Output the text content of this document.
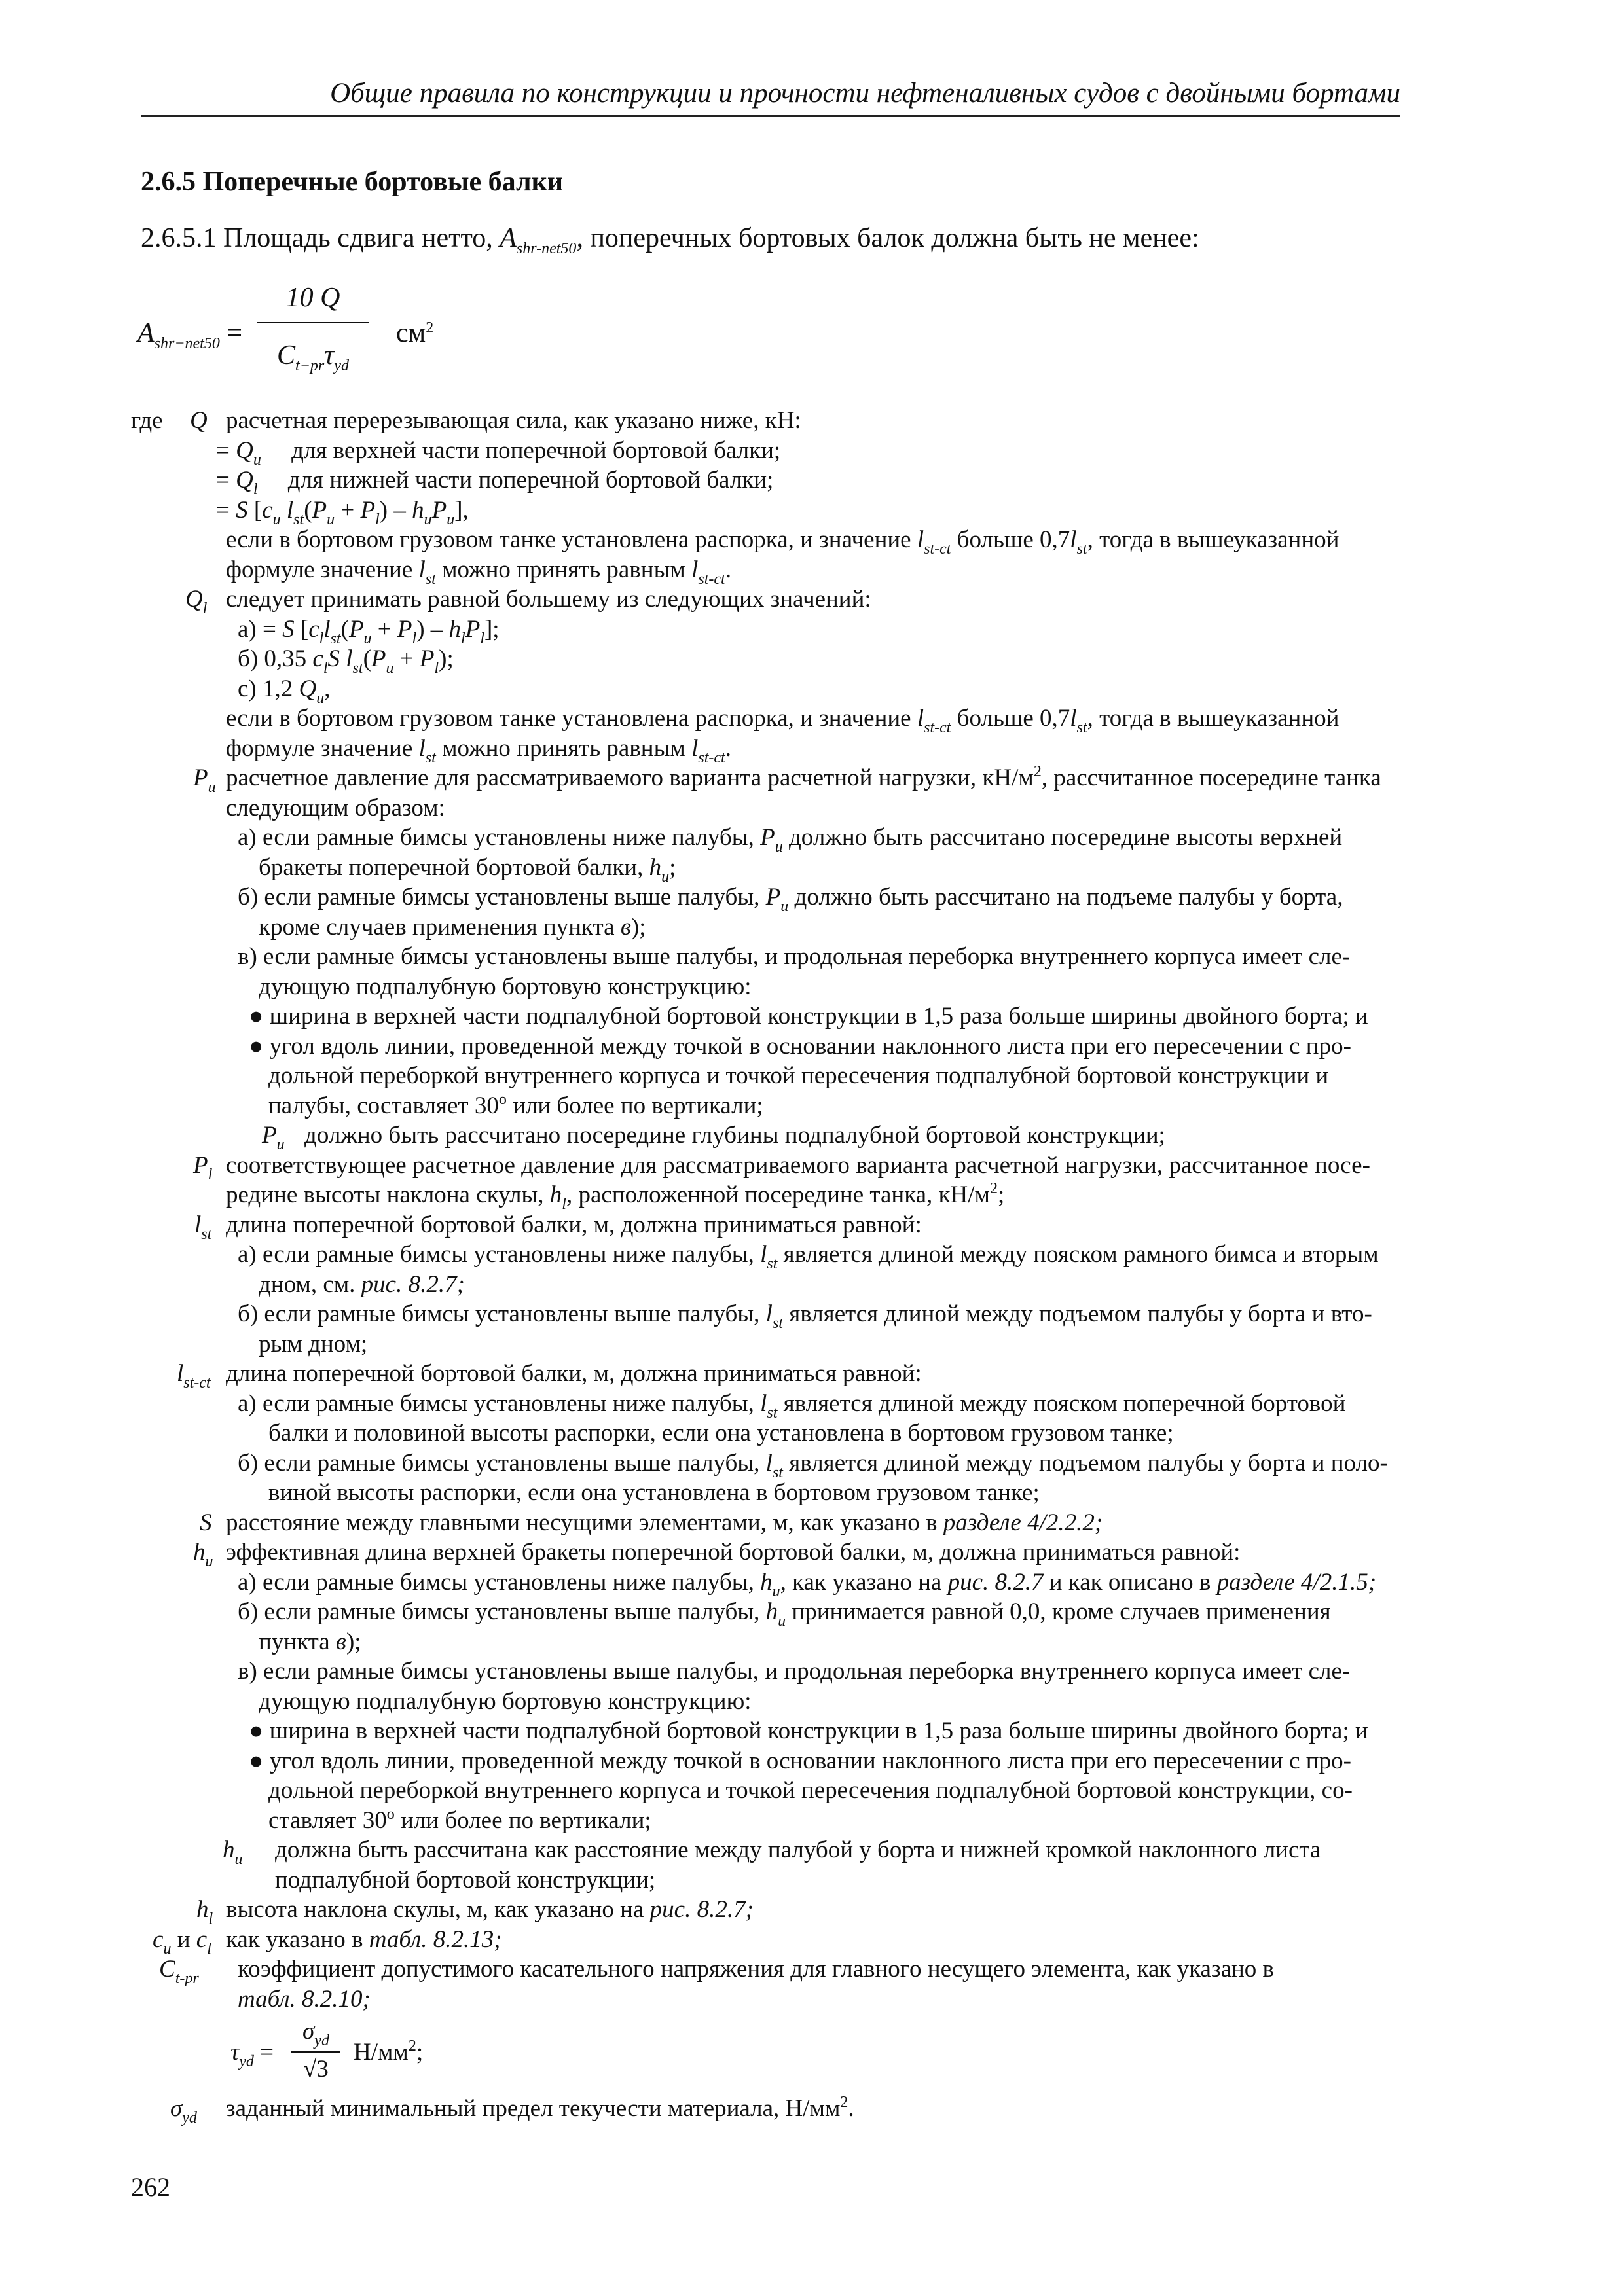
Общие правила по конструкции и прочности нефтеналивных судов с двойными бортами
2.6.5 Поперечные бортовые балки
2.6.5.1 Площадь сдвига нетто, $A_{shr-net50}$, поперечных бортовых балок должна быть не менее:
$A_{shr-net50}$ =
10 Q
$C_{t-pr}\tau_{yd}$
$см^2$
где Q расчетная перерезывающая сила, как указано ниже, кН:
= $Q_u$ для верхней части поперечной бортовой балки;
= $Q_l$ для нижней части поперечной бортовой балки;
= S [$c_u$ $l_{st}(P_u + P_l) - h_uP_u$],
если в бортовом грузовом танке установлена распорка, и значение $l_{st-ct}$ больше $0,7l_{st}$, тогда в вышеуказанной
формуле значение $l_{st}$ можно принять равным $l_{st-ct}$.
$Q_l$ следует принимать равной большему из следующих значений:
а) = S $[c_ll_{st}(P_u + P_l) - h_lP_l]$;
б) 0,35 $c_lS$ $l_{st}(P_u + P_l)$;
с) 1,2 $Q_u$,
если в бортовом грузовом танке установлена распорка, и значение $l_{st-ct}$ больше $0,7l_{st}$, тогда в вышеуказанной
формуле значение $l_{st}$ можно принять равным $l_{st-ct}$.
$P_u$ расчетное давление для рассматриваемого варианта расчетной нагрузки, $кН/м^2$, рассчитанное посередине танка
следующим образом:
а) если рамные бимсы установлены ниже палубы, $P_u$ должно быть рассчитано посередине высоты верхней
бракеты поперечной бортовой балки, $h_u$;
б) если рамные бимсы установлены выше палубы, $P_u$ должно быть рассчитано на подъеме палубы у борта,
кроме случаев применения пункта в);
в) если рамные бимсы установлены выше палубы, и продольная переборка внутреннего корпуса имеет сле-
дующую подпалубную бортовую конструкцию:
● ширина в верхней части подпалубной бортовой конструкции в 1,5 раза больше ширины двойного борта; и
● угол вдоль линии, проведенной между точкой в основании наклонного листа при его пересечении с про-
дольной переборкой внутреннего корпуса и точкой пересечения подпалубной бортовой конструкции и
палубы, составляет 30$^o$ или более по вертикали;
$P_u$ должно быть рассчитано посередине глубины подпалубной бортовой конструкции;
$P_l$ соответствующее расчетное давление для рассматриваемого варианта расчетной нагрузки, рассчитанное посе-
редине высоты наклона скулы, $h_l$, расположенной посередине танка, $кН/м^2$;
$l_{st}$ длина поперечной бортовой балки, м, должна приниматься равной:
а) если рамные бимсы установлены ниже палубы, $l_{st}$ является длиной между пояском рамного бимса и вторым
дном, см. рис. 8.2.7;
б) если рамные бимсы установлены выше палубы, $l_{st}$ является длиной между подъемом палубы у борта и вто-
рым дном;
$l_{st-ct}$ длина поперечной бортовой балки, м, должна приниматься равной:
а) если рамные бимсы установлены ниже палубы, $l_{st}$ является длиной между пояском поперечной бортовой
балки и половиной высоты распорки, если она установлена в бортовом грузовом танке;
б) если рамные бимсы установлены выше палубы, $l_{st}$ является длиной между подъемом палубы у борта и поло-
виной высоты распорки, если она установлена в бортовом грузовом танке;
S расстояние между главными несущими элементами, м, как указано в разделе 4/2.2.2;
$h_u$ эффективная длина верхней бракеты поперечной бортовой балки, м, должна приниматься равной:
а) если рамные бимсы установлены ниже палубы, $h_u$, как указано на рис. 8.2.7 и как описано в разделе 4/2.1.5;
б) если рамные бимсы установлены выше палубы, $h_u$ принимается равной 0,0, кроме случаев применения
пункта в);
в) если рамные бимсы установлены выше палубы, и продольная переборка внутреннего корпуса имеет сле-
дующую подпалубную бортовую конструкцию:
● ширина в верхней части подпалубной бортовой конструкции в 1,5 раза больше ширины двойного борта; и
● угол вдоль линии, проведенной между точкой в основании наклонного листа при его пересечении с про-
дольной переборкой внутреннего корпуса и точкой пересечения подпалубной бортовой конструкции, со-
ставляет 30$^o$ или более по вертикали;
$h_u$ должна быть рассчитана как расстояние между палубой у борта и нижней кромкой наклонного листа
подпалубной бортовой конструкции;
$h_l$ высота наклона скулы, м, как указано на рис. 8.2.7;
$c_u$ и $c_l$ как указано в табл. 8.2.13;
$C_{t-pr}$ коэффициент допустимого касательного напряжения для главного несущего элемента, как указано в
табл. 8.2.10;
$\tau_{yd}$ =
$\sigma_{yd}$
√3
$Н/мм^2$;
$\sigma_{yd}$ заданный минимальный предел текучести материала, $Н/мм^2$.
262
